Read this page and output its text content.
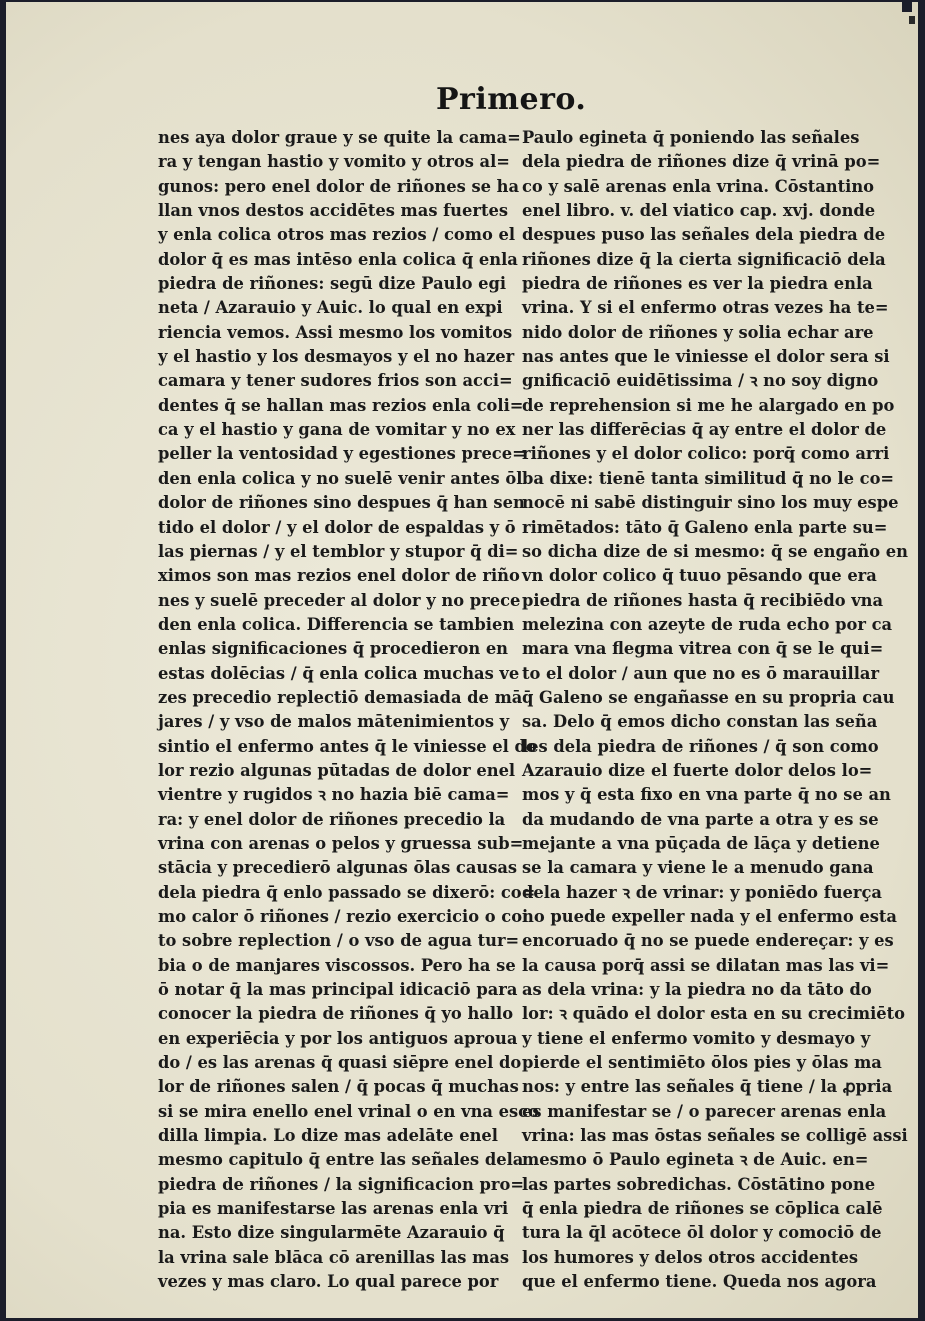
Primero.
nes aya dolor graue y se quite la cama=
ra y tengan hastio y vomito y otros al=
gunos: pero enel dolor de riñones se ha
llan vnos destos accidētes mas fuertes
y enla colica otros mas rezios / como el
dolor q̄ es mas intēso enla colica q̄ enla
piedra de riñones: segū dize Paulo egi
neta / Azarauio y Auic. lo qual en expi
riencia vemos. Assi mesmo los vomitos
y el hastio y los desmayos y el no hazer
camara y tener sudores frios son acci=
dentes q̄ se hallan mas rezios enla coli=
ca y el hastio y gana de vomitar y no ex
peller la ventosidad y egestiones prece=
den enla colica y no suelē venir antes ōl
dolor de riñones sino despues q̄ han sen
tido el dolor / y el dolor de espaldas y ō
las piernas / y el temblor y stupor q̄ di=
ximos son mas rezios enel dolor de riño
nes y suelē preceder al dolor y no prece
den enla colica. Differencia se tambien
enlas significaciones q̄ procedieron en
estas dolēcias / q̄ enla colica muchas ve
zes precedio replectiō demasiada de mā
jares / y vso de malos mātenimientos y
sintio el enfermo antes q̄ le viniesse el do
lor rezio algunas pūtadas de dolor enel
vientre y rugidos ꝛ no hazia biē cama=
ra: y enel dolor de riñones precedio la
vrina con arenas o pelos y gruessa sub=
stācia y precedierō algunas ōlas causas
dela piedra q̄ enlo passado se dixerō: co=
mo calor ō riñones / rezio exercicio o coi
to sobre replection / o vso de agua tur=
bia o de manjares viscossos. Pero ha se
ō notar q̄ la mas principal idicaciō para
conocer la piedra de riñones q̄ yo hallo
en experiēcia y por los antiguos aproua
do / es las arenas q̄ quasi siēpre enel do
lor de riñones salen / q̄ pocas q̄ muchas
si se mira enello enel vrinal o en vna esco
dilla limpia. Lo dize mas adelāte enel
mesmo capitulo q̄ entre las señales dela
piedra de riñones / la significacion pro=
pia es manifestarse las arenas enla vri
na. Esto dize singularmēte Azarauio q̄
la vrina sale blāca cō arenillas las mas
vezes y mas claro. Lo qual parece por
Paulo egineta q̄ poniendo las señales
dela piedra de riñones dize q̄ vrinā po=
co y salē arenas enla vrina. Cōstantino
enel libro. v. del viatico cap. xvj. donde
despues puso las señales dela piedra de
riñones dize q̄ la cierta significaciō dela
piedra de riñones es ver la piedra enla
vrina. Y si el enfermo otras vezes ha te=
nido dolor de riñones y solia echar are
nas antes que le viniesse el dolor sera si
gnificaciō euidētissima / ꝛ no soy digno
de reprehension si me he alargado en po
ner las differēcias q̄ ay entre el dolor de
riñones y el dolor colico: porq̄ como arri
ba dixe: tienē tanta similitud q̄ no le co=
nocē ni sabē distinguir sino los muy espe
rimētados: tāto q̄ Galeno enla parte su=
so dicha dize de si mesmo: q̄ se engaño en
vn dolor colico q̄ tuuo pēsando que era
piedra de riñones hasta q̄ recibiēdo vna
melezina con azeyte de ruda echo por ca
mara vna flegma vitrea con q̄ se le qui=
to el dolor / aun que no es ō marauillar
q̄ Galeno se engañasse en su propria cau
sa. Delo q̄ emos dicho constan las seña
les dela piedra de riñones / q̄ son como
Azarauio dize el fuerte dolor delos lo=
mos y q̄ esta fixo en vna parte q̄ no se an
da mudando de vna parte a otra y es se
mejante a vna pūçada de lāça y detiene
se la camara y viene le a menudo gana
dela hazer ꝛ de vrinar: y poniēdo fuerça
no puede expeller nada y el enfermo esta
encoruado q̄ no se puede endereçar: y es
la causa porq̄ assi se dilatan mas las vi=
as dela vrina: y la piedra no da tāto do
lor: ꝛ quādo el dolor esta en su crecimiēto
y tiene el enfermo vomito y desmayo y
pierde el sentimiēto ōlos pies y ōlas ma
nos: y entre las señales q̄ tiene / la ꝓpria
es manifestar se / o parecer arenas enla
vrina: las mas ōstas señales se colligē assi
mesmo ō Paulo egineta ꝛ de Auic. en=
las partes sobredichas. Cōstātino pone
q̄ enla piedra de riñones se cōplica calē
tura la q̄l acōtece ōl dolor y comociō de
los humores y delos otros accidentes
que el enfermo tiene. Queda nos agora
